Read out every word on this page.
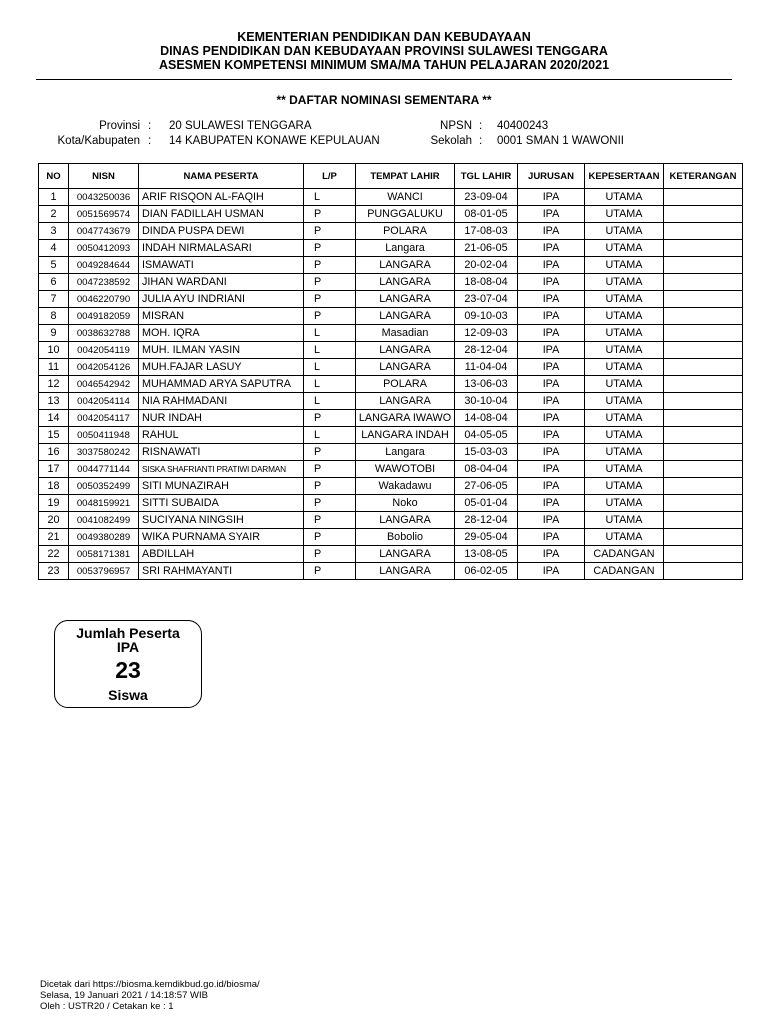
KEMENTERIAN PENDIDIKAN DAN KEBUDAYAAN
DINAS PENDIDIKAN DAN KEBUDAYAAN PROVINSI SULAWESI TENGGARA
ASESMEN KOMPETENSI MINIMUM SMA/MA TAHUN PELAJARAN 2020/2021
** DAFTAR NOMINASI SEMENTARA **
Provinsi : 20 SULAWESI TENGGARA
Kota/Kabupaten : 14 KABUPATEN KONAWE KEPULAUAN
NPSN : 40400243
Sekolah : 0001 SMAN 1 WAWONII
NO	NISN	NAMA PESERTA	L/P	TEMPAT LAHIR	TGL LAHIR	JURUSAN	KEPESERTAAN	KETERANGAN
1	0043250036	ARIF RISQON AL-FAQIH	L	WANCI	23-09-04	IPA	UTAMA	
2	0051569574	DIAN FADILLAH USMAN	P	PUNGGALUKU	08-01-05	IPA	UTAMA	
3	0047743679	DINDA PUSPA DEWI	P	POLARA	17-08-03	IPA	UTAMA	
4	0050412093	INDAH NIRMALASARI	P	Langara	21-06-05	IPA	UTAMA	
5	0049284644	ISMAWATI	P	LANGARA	20-02-04	IPA	UTAMA	
6	0047238592	JIHAN WARDANI	P	LANGARA	18-08-04	IPA	UTAMA	
7	0046220790	JULIA AYU INDRIANI	P	LANGARA	23-07-04	IPA	UTAMA	
8	0049182059	MISRAN	P	LANGARA	09-10-03	IPA	UTAMA	
9	0038632788	MOH. IQRA	L	Masadian	12-09-03	IPA	UTAMA	
10	0042054119	MUH. ILMAN YASIN	L	LANGARA	28-12-04	IPA	UTAMA	
11	0042054126	MUH.FAJAR LASUY	L	LANGARA	11-04-04	IPA	UTAMA	
12	0046542942	MUHAMMAD ARYA SAPUTRA	L	POLARA	13-06-03	IPA	UTAMA	
13	0042054114	NIA RAHMADANI	L	LANGARA	30-10-04	IPA	UTAMA	
14	0042054117	NUR INDAH	P	LANGARA IWAWO	14-08-04	IPA	UTAMA	
15	0050411948	RAHUL	L	LANGARA INDAH	04-05-05	IPA	UTAMA	
16	3037580242	RISNAWATI	P	Langara	15-03-03	IPA	UTAMA	
17	0044771144	SISKA SHAFRIANTI PRATIWI DARMAN	P	WAWOTOBI	08-04-04	IPA	UTAMA	
18	0050352499	SITI MUNAZIRAH	P	Wakadawu	27-06-05	IPA	UTAMA	
19	0048159921	SITTI SUBAIDA	P	Noko	05-01-04	IPA	UTAMA	
20	0041082499	SUCIYANA NINGSIH	P	LANGARA	28-12-04	IPA	UTAMA	
21	0049380289	WIKA PURNAMA SYAIR	P	Bobolio	29-05-04	IPA	UTAMA	
22	0058171381	ABDILLAH	P	LANGARA	13-08-05	IPA	CADANGAN	
23	0053796957	SRI RAHMAYANTI	P	LANGARA	06-02-05	IPA	CADANGAN	
Jumlah Peserta
IPA
23
Siswa
Dicetak dari https://biosma.kemdikbud.go.id/biosma/
Selasa, 19 Januari 2021 / 14:18:57 WIB
Oleh : USTR20 / Cetakan ke : 1
